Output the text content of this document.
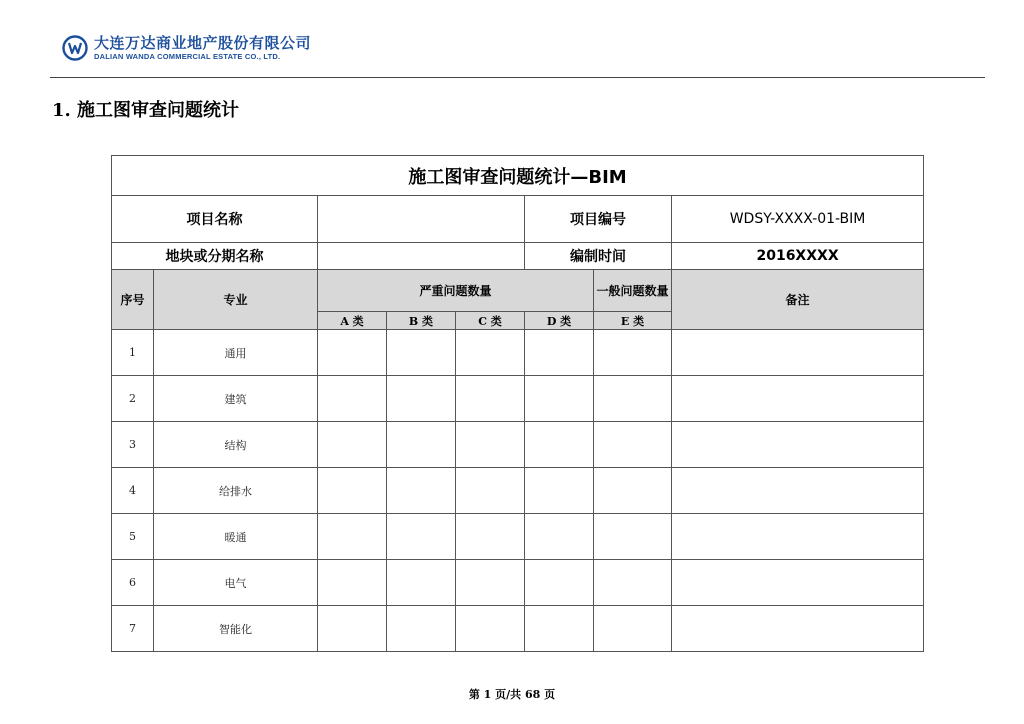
大连万达商业地产股份有限公司
DALIAN WANDA COMMERCIAL ESTATE CO., LTD.
1. 施工图审查问题统计
施工图审查问题统计—BIM							
项目名称					项目编号		WDSY-XXXX-01-BIM
地块或分期名称					编制时间		2016XXXX
序号	专业	严重问题数量				一般问题数量	备注
		A 类	B 类	C 类	D 类	E 类	
1	通用						
2	建筑						
3	结构						
4	给排水						
5	暖通						
6	电气						
7	智能化						
第 1 页/共 68 页
